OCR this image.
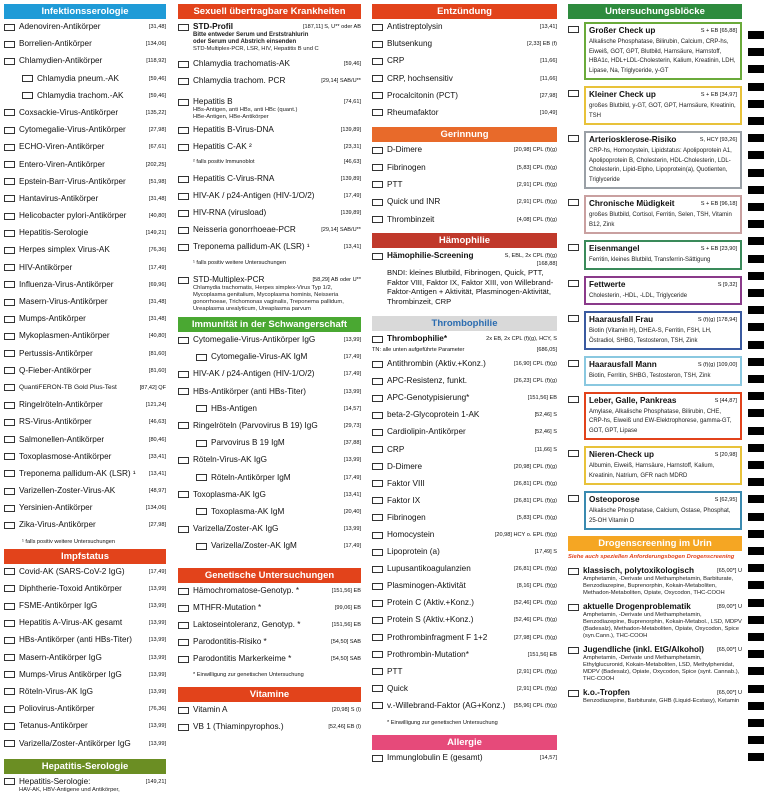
Infektionsserologie
Adenoviren-Antikörper	[31,48]
Borrelien-Antikörper	[134,06]
Chlamydien-Antikörper	[118,92]
Chlamydia pneum.-AK	[59,46]
Chlamydia trachom.-AK	[59,46]
Coxsackie-Virus-Antikörper	[135,22]
Cytomegalie-Virus-Antikörper	[27,98]
ECHO-Viren-Antikörper	[67,61]
Entero-Viren-Antikörper	[202,25]
Epstein-Barr-Virus-Antikörper	[51,98]
Hantavirus-Antikörper	[31,48]
Helicobacter pylori-Antikörper	[40,80]
Hepatitis-Serologie	[149,21]
Herpes simplex Virus-AK	[76,36]
HIV-Antikörper	[17,49]
Influenza-Virus-Antikörper	[69,96]
Masern-Virus-Antikörper	[31,48]
Mumps-Antikörper	[31,48]
Mykoplasmen-Antikörper	[40,80]
Pertussis-Antikörper	[81,60]
Q-Fieber-Antikörper	[81,60]
QuantiFERON-TB Gold Plus-Test	[87,42] QF
Ringelröteln-Antikörper	[121,24]
RS-Virus-Antikörper	[46,63]
Salmonellen-Antikörper	[80,46]
Toxoplasmose-Antikörper	[33,41]
Treponema pallidum-AK (LSR) ¹	[13,41]
Varizellen-Zoster-Virus-AK	[48,97]
Yersinien-Antikörper	[134,06]
Zika-Virus-Antikörper	[27,98]
¹ falls positiv weitere Untersuchungen
Impfstatus
Covid-AK (SARS-CoV-2 IgG)	[17,49]
Diphtherie-Toxoid Antikörper	[13,99]
FSME-Antikörper IgG	[13,99]
Hepatitis A-Virus-AK gesamt	[13,99]
HBs-Antikörper (anti HBs-Titer)	[13,99]
Masern-Antikörper IgG	[13,99]
Mumps-Virus Antikörper IgG	[13,99]
Röteln-Virus-AK IgG	[13,99]
Poliovirus-Antikörper	[76,36]
Tetanus-Antikörper	[13,99]
Varizella/Zoster-Antikörper IgG	[13,99]
Hepatitis-Serologie
Hepatitis-Serologie:	[149,21]
HAV-AK, HBV-Antigene und Antikörper,
Sexuell übertragbare Krankheiten
STD-Profil	[187,11] S, U** oder AB
Bitte entweder Serum und Erststrahlurin
oder Serum und Abstrich einsenden
STD-Multiplex-PCR, LSR, HIV, Hepatitis B und C
Chlamydia trachomatis-AK	[59,46]
Chlamydia trachom. PCR	[29,14] SAB/U**
Hepatitis B	[74,61]
HBs-Antigen, anti HBs, anti HBc (quant.)
HBe-Antigen, HBe-Antikörper
Hepatitis B-Virus-DNA	[139,89]
Hepatitis C-AK ²	[23,31]
² falls positiv Immunoblot	[46,63]
Hepatitis C-Virus-RNA	[139,89]
HIV-AK / p24-Antigen (HIV-1/O/2)	[17,49]
HIV-RNA (virusload)	[139,89]
Neisseria gonorrhoeae-PCR	[29,14] SAB/U**
Treponema pallidum-AK (LSR) ¹	[13,41]
¹ falls positiv weitere Untersuchungen
STD-Multiplex-PCR	[58,29] AB oder U**
Chlamydia trachomatis, Herpes simplex-Virus Typ 1/2, Mycoplasma genitalium, Mycoplasma hominis, Neisseria gonorrhoeae, Trichomonas vaginalis, Treponema pallidum, Ureaplasma urealyticum, Ureaplasma parvum
Immunität in der Schwangerschaft
Cytomegalie-Virus-Antikörper IgG	[13,99]
Cytomegalie-Virus-AK IgM	[17,49]
HIV-AK / p24-Antigen (HIV-1/O/2)	[17,49]
HBs-Antikörper (anti HBs-Titer)	[13,99]
HBs-Antigen	[14,57]
Ringelröteln (Parvovirus B 19) IgG	[29,73]
Parvovirus B 19 IgM	[37,88]
Röteln-Virus-AK IgG	[13,99]
Röteln-Antikörper IgM	[17,49]
Toxoplasma-AK IgG	[13,41]
Toxoplasma-AK IgM	[20,40]
Varizella/Zoster-AK IgG	[13,99]
Varizella/Zoster-AK IgM	[17,49]
Genetische Untersuchungen
Hämochromatose-Genotyp. *	[151,56] EB
MTHFR-Mutation *	[99,06] EB
Laktoseintoleranz, Genotyp. *	[151,56] EB
Parodontitis-Risiko *	[54,50] SAB
Parodontitis Markerkeime *	[54,50] SAB
* Einwilligung zur genetischen Untersuchung
Vitamine
Vitamin A	[20,98] S (l)
VB 1 (Thiaminpyrophos.)	[52,46] EB (l)
Entzündung
Antistreptolysin	[13,41]
Blutsenkung	[2,33] EB (f)
CRP	[11,66]
CRP, hochsensitiv	[11,66]
Procalcitonin (PCT)	[27,98]
Rheumafaktor	[10,49]
Gerinnung
D-Dimere	[20,98] CPL (f)(g)
Fibrinogen	[5,83] CPL (f)(g)
PTT	[2,91] CPL (f)(g)
Quick und INR	[2,91] CPL (f)(g)
Thrombinzeit	[4,08] CPL (f)(g)
Hämophilie
Hämophilie-Screening	S, EBL, 2x CPL (f)(g)
[168,88]
BNDI: kleines Blutbild, Fibrinogen, Quick, PTT, Faktor VIII, Faktor IX, Faktor XIII, von Willebrand-Faktor-Antigen + Aktivität, Plasminogen-Aktivität, Thrombinzeit, CRP
Thrombophilie
Thrombophilie*	2x EB, 2x CPL (f)(g), HCY, S
TN: alle unten aufgeführte Parameter	[686,05]
Antithrombin (Aktiv.+Konz.)	[16,90] CPL (f)(g)
APC-Resistenz, funkt.	[26,23] CPL (f)(g)
APC-Genotypisierung*	[151,56] EB
beta-2-Glycoprotein 1-AK	[52,46] S
Cardiolipin-Antikörper	[52,46] S
CRP	[11,66] S
D-Dimere	[20,98] CPL (f)(g)
Faktor VIII	[26,81] CPL (f)(g)
Faktor IX	[26,81] CPL (f)(g)
Fibrinogen	[5,83] CPL (f)(g)
Homocystein	[20,98] HCY o. EPL (f)(g)
Lipoprotein (a)	[17,49] S
Lupusantikoagulanzien	[26,81] CPL (f)(g)
Plasminogen-Aktivität	[8,16] CPL (f)(g)
Protein C (Aktiv.+Konz.)	[52,46] CPL (f)(g)
Protein S (Aktiv.+Konz.)	[52,46] CPL (f)(g)
Prothrombinfragment F 1+2	[27,98] CPL (f)(g)
Prothrombin-Mutation*	[151,56] EB
PTT	[2,91] CPL (f)(g)
Quick	[2,91] CPL (f)(g)
v.-Willebrand-Faktor (AG+Konz.)	[55,96] CPL (f)(g)
* Einwilligung zur genetischen Untersuchung
Allergie
Immunglobulin E (gesamt)	[14,57]
Untersuchungsblöcke
Großer Check up	S + EB [65,88]
Alkalische Phosphatase, Bilirubin, Calcium, CRP-hs, Eiweiß, GOT, GPT, Blutbild, Harnsäure, Harnstoff, HBA1c, HDL+LDL-Cholesterin, Kalium, Kreatinin, LDH, Lipase, Na, Triglyceride, y-GT
Kleiner Check up	S + EB [34,97]
großes Blutbild, y-GT, GOT, GPT, Harnsäure, Kreatinin, TSH
Arteriosklerose-Risiko	S, HCY [93,26]
CRP-hs, Homocystein, Lipidstatus: Apolipoprotein A1, Apolipoprotein B, Cholesterin, HDL-Cholesterin, LDL-Cholesterin, Lipid-Elpho, Lipoprotein(a), Quotienten, Triglyceride
Chronische Müdigkeit	S + EB [96,18]
großes Blutbild, Cortisol, Ferritin, Selen, TSH, Vitamin B12, Zink
Eisenmangel	S + EB [23,90]
Ferritin, kleines Blutbild, Transferrin-Sättigung
Fettwerte	S [9,32]
Cholesterin, -HDL, -LDL, Triglyceride
Haarausfall Frau	S (f)(g) [178,94]
Biotin (Vitamin H), DHEA-S, Ferritin, FSH, LH, Östradiol, SHBG, Testosteron, TSH, Zink
Haarausfall Mann	S (f)(g) [109,00]
Biotin, Ferritin, SHBG, Testosteron, TSH, Zink
Leber, Galle, Pankreas	S [44,87]
Amylase, Alkalische Phosphatase, Bilirubin, CHE, CRP-hs, Eiweiß und EW-Elektrophorese, gamma-GT, GOT, GPT, Lipase
Nieren-Check up	S [20,98]
Albumin, Eiweiß, Harnsäure, Harnstoff, Kalium, Kreatinin, Natrium, GFR nach MDRD
Osteoporose	S [62,95]
Alkalische Phosphatase, Calcium, Ostase, Phosphat, 25-OH Vitamin D
Drogenscreening im Urin
Siehe auch speziellen Anforderungsbogen Drogenscreening
klassisch, polytoxikologisch	[65,00*] U
Amphetamin, -Derivate und Methamphetamin, Barbiturate, Benzodiazepine, Buprenorphin, Kokain-Metaboliten, Methadon-Metaboliten, Opiate, Oxycodon, THC-COOH
aktuelle Drogenproblematik	[89,00*] U
Amphetamin, -Derivate und Methamphetamin, Benzodiazepine, Buprenorphin, Kokain-Metabol., LSD, MDPV (Badesalz), Methadon-Metaboliten, Opiate, Oxycodon, Spice (syn.Cann.), THC-COOH
Jugendliche (inkl. EtG/Alkohol)	[65,00*] U
Amphetamin, -Derivate und Methamphetamin, Ethylglucuronid, Kokain-Metaboliten, LSD, Methylphenidat, MDPV (Badesalz), Opiate, Oxycodon, Spice (synt. Cannab.), THC-COOH
k.o.-Tropfen	[65,00*] U
Benzodiazepine, Barbiturate, GHB (Liquid-Ecstasy), Ketamin
